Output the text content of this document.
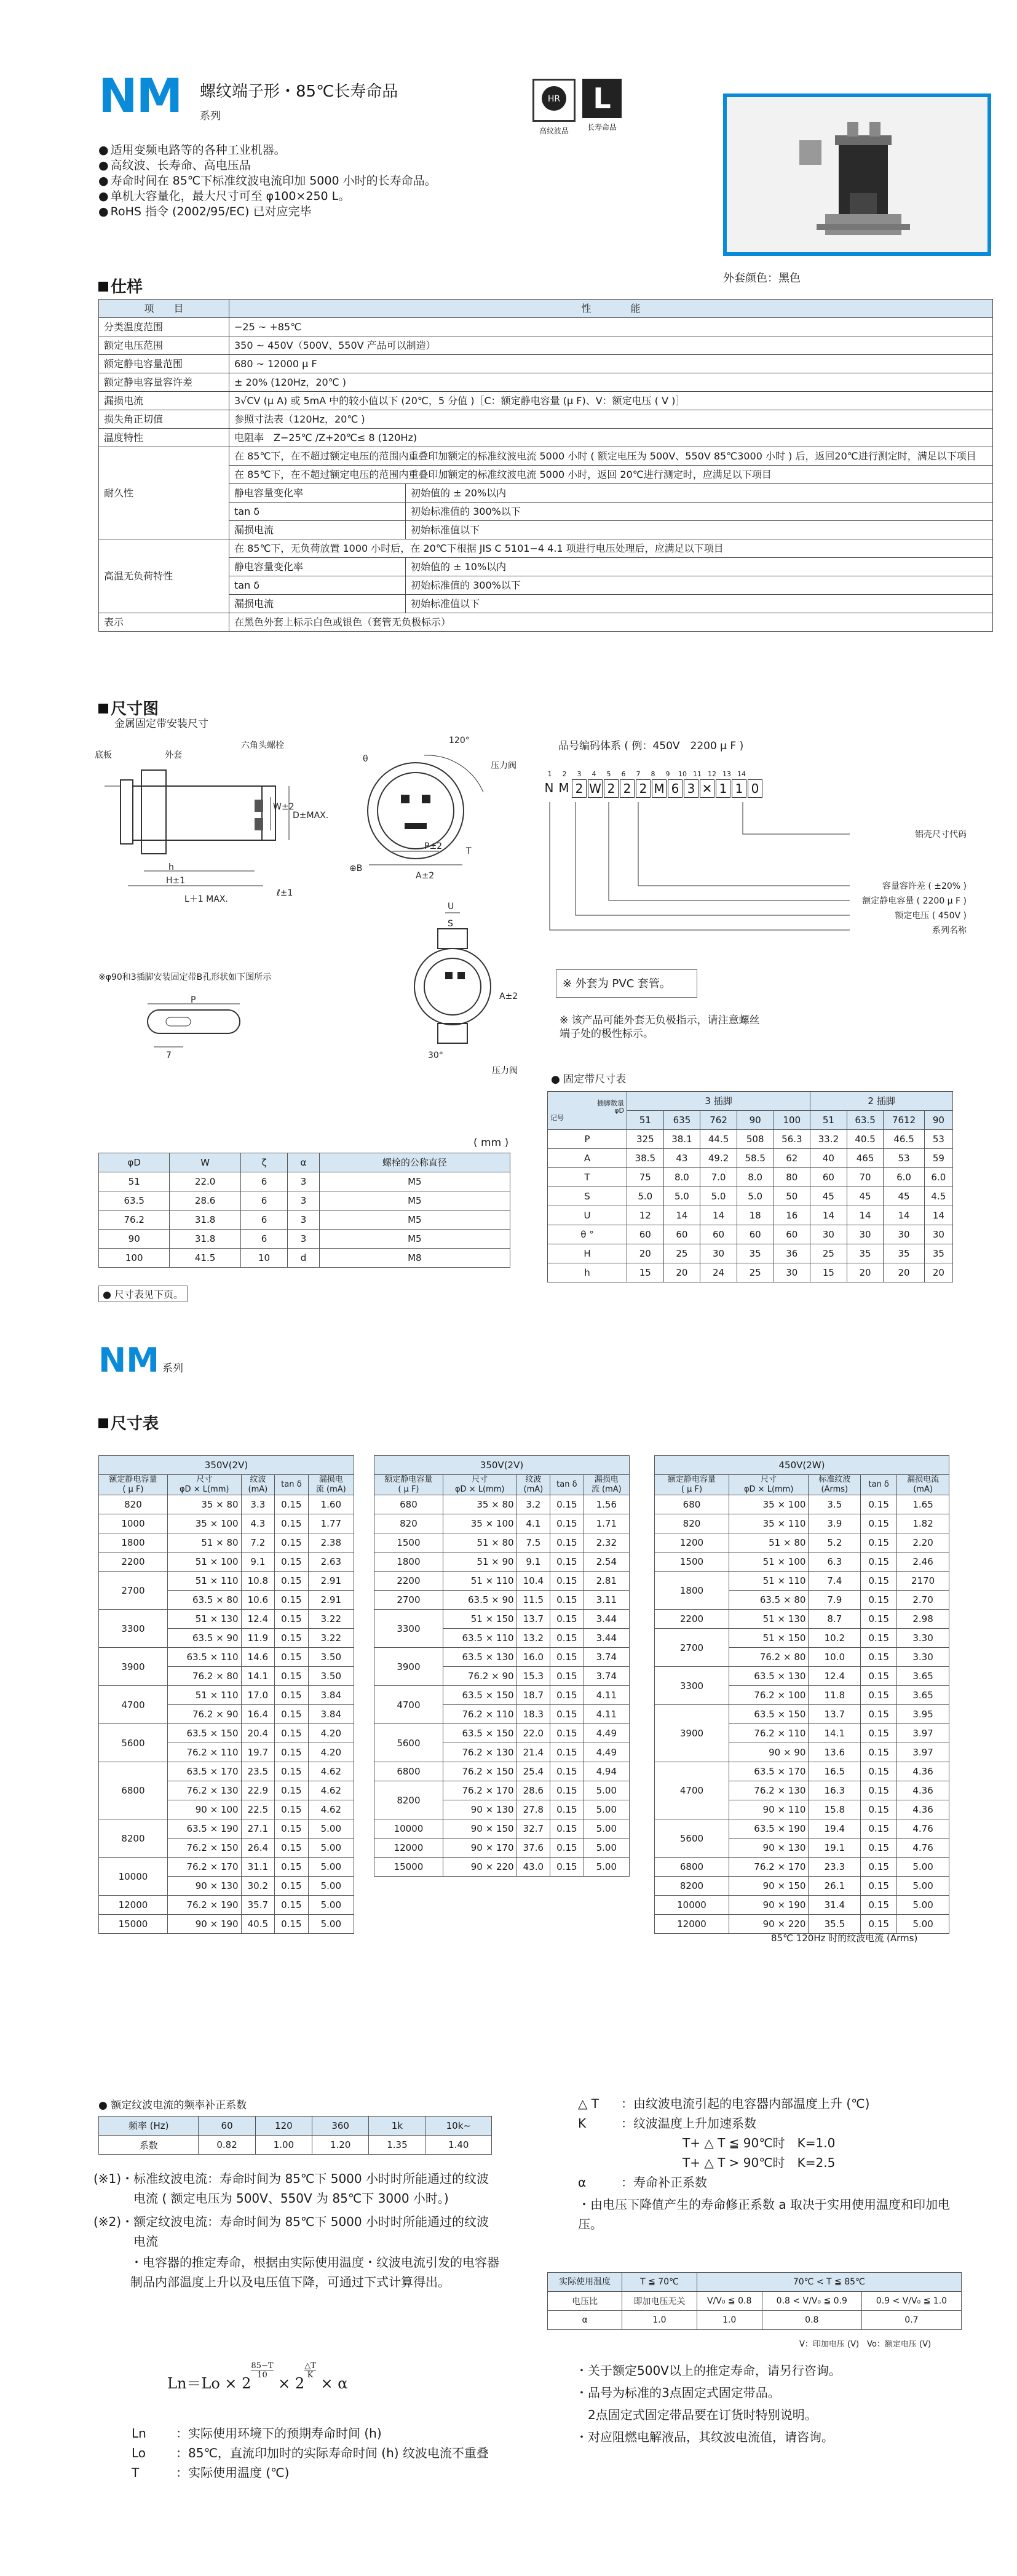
NM 螺纹端子形・85℃长寿命品
系列
HR
高纹波品
L
长寿命品
● 适用变频电路等的各种工业机器。
● 高纹波、长寿命、高电压品
● 寿命时间在 85℃下标准纹波电流印加 5000 小时的长寿命品。
● 单机大容量化，最大尺寸可至 φ100×250 L。
● RoHS 指令 (2002/95/EC) 已对应完毕
外套颜色：黑色
仕样
项　　目	性　　　　能	
分类温度范围	−25 ~ +85℃	
额定电压范围	350 ~ 450V（500V、550V 产品可以制造）	
额定静电容量范围	680 ~ 12000 μ F	
额定静电容量容许差	± 20% (120Hz，20℃ )	
漏损电流	3√CV (μ A) 或 5mA 中的较小值以下 (20℃，5 分值 )［C：额定静电容量 (μ F)、V：额定电压 ( V )］	
损失角正切值	参照寸法表（120Hz，20℃ )	
温度特性	电阻率　Z−25℃ /Z+20℃≤ 8 (120Hz)	
耐久性	在 85℃下，在不超过额定电压的范围内重叠印加额定的标准纹波电流 5000 小时 ( 额定电压为 500V、550V 85℃3000 小时 ) 后，返回20℃进行测定时，满足以下项目	
	在 85℃下，在不超过额定电压的范围内重叠印加额定的标准纹波电流 5000 小时，返回 20℃进行测定时，应满足以下项目	
	静电容量变化率	初始值的 ± 20%以内
	tan δ	初始标准值的 300%以下
	漏损电流	初始标准值以下
高温无负荷特性	在 85℃下，无负荷放置 1000 小时后，在 20℃下根据 JIS C 5101−4 4.1 项进行电压处理后，应满足以下项目	
	静电容量变化率	初始值的 ± 10%以内
	tan δ	初始标准值的 300%以下
	漏损电流	初始标准值以下
表示	在黑色外套上标示白色或银色（套管无负极标示）	
尺寸图
金属固定带安装尺寸
底板	外套
六角头螺栓
h
H±1
L＋1 MAX.
D±MAX.
W±2
ℓ±1
θ
120°
P±2
A±2
⊕B
T
压力阀
U
S
A±2
30°
压力阀
※φ90和3插脚安装固定带B孔形状如下图所示
P
7
品号编码体系 ( 例：450V　2200 μ F )
1	2	3	4	5	6	7	8	9	10 11 12 13 14
N M 2 W 2 2 2 M 6 3 ✕ 1 1 0
铝壳尺寸代码
容量容许差 ( ±20% )
额定静电容量 ( 2200 μ F )
额定电压 ( 450V )
系列名称
※ 外套为 PVC 套管。
※ 该产品可能外套无负极指示，请注意螺丝端子处的极性标示。
( mm )
φD	W	ζ	α	螺栓的公称直径
51	22.0	6	3	M5
63.5	28.6	6	3	M5
76.2	31.8	6	3	M5
90	31.8	6	3	M5
100	41.5	10	d	M8
● 固定带尺寸表
插脚数量
φD
记号	3 插脚					2 插脚			
	51	635	762	90	100	51	63.5	7612	90
P	325	38.1	44.5	508	56.3	33.2	40.5	46.5	53
A	38.5	43	49.2	58.5	62	40	465	53	59
T	75	8.0	7.0	8.0	80	60	70	6.0	6.0
S	5.0	5.0	5.0	5.0	50	45	45	45	4.5
U	12	14	14	18	16	14	14	14	14
θ °	60	60	60	60	60	30	30	30	30
H	20	25	30	35	36	25	35	35	35
h	15	20	24	25	30	15	20	20	20
● 尺寸表见下页。
NM 系列
尺寸表
350V(2V)				
额定静电容量
( μ F)	尺寸
φD × L(mm)	纹波
(mA)	tan δ	漏损电
流 (mA)
820	35 × 80	3.3	0.15	1.60
1000	35 × 100	4.3	0.15	1.77
1800	51 × 80	7.2	0.15	2.38
2200	51 × 100	9.1	0.15	2.63
2700	51 × 110	10.8	0.15	2.91
	63.5 × 80	10.6	0.15	2.91
3300	51 × 130	12.4	0.15	3.22
	63.5 × 90	11.9	0.15	3.22
3900	63.5 × 110	14.6	0.15	3.50
	76.2 × 80	14.1	0.15	3.50
4700	51 × 110	17.0	0.15	3.84
	76.2 × 90	16.4	0.15	3.84
5600	63.5 × 150	20.4	0.15	4.20
	76.2 × 110	19.7	0.15	4.20
6800	63.5 × 170	23.5	0.15	4.62
	76.2 × 130	22.9	0.15	4.62
	90 × 100	22.5	0.15	4.62
8200	63.5 × 190	27.1	0.15	5.00
	76.2 × 150	26.4	0.15	5.00
10000	76.2 × 170	31.1	0.15	5.00
	90 × 130	30.2	0.15	5.00
12000	76.2 × 190	35.7	0.15	5.00
15000	90 × 190	40.5	0.15	5.00
350V(2V)				
额定静电容量
( μ F)	尺寸
φD × L(mm)	纹波
(mA)	tan δ	漏损电
流 (mA)
680	35 × 80	3.2	0.15	1.56
820	35 × 100	4.1	0.15	1.71
1500	51 × 80	7.5	0.15	2.32
1800	51 × 90	9.1	0.15	2.54
2200	51 × 110	10.4	0.15	2.81
2700	63.5 × 90	11.5	0.15	3.11
3300	51 × 150	13.7	0.15	3.44
	63.5 × 110	13.2	0.15	3.44
3900	63.5 × 130	16.0	0.15	3.74
	76.2 × 90	15.3	0.15	3.74
4700	63.5 × 150	18.7	0.15	4.11
	76.2 × 110	18.3	0.15	4.11
5600	63.5 × 150	22.0	0.15	4.49
	76.2 × 130	21.4	0.15	4.49
6800	76.2 × 150	25.4	0.15	4.94
8200	76.2 × 170	28.6	0.15	5.00
	90 × 130	27.8	0.15	5.00
10000	90 × 150	32.7	0.15	5.00
12000	90 × 170	37.6	0.15	5.00
15000	90 × 220	43.0	0.15	5.00
450V(2W)				
额定静电容量
( μ F)	尺寸
φD × L(mm)	标准纹波
(Arms)	tan δ	漏损电流
(mA)
680	35 × 100	3.5	0.15	1.65
820	35 × 110	3.9	0.15	1.82
1200	51 × 80	5.2	0.15	2.20
1500	51 × 100	6.3	0.15	2.46
1800	51 × 110	7.4	0.15	2170
	63.5 × 80	7.9	0.15	2.70
2200	51 × 130	8.7	0.15	2.98
2700	51 × 150	10.2	0.15	3.30
	76.2 × 80	10.0	0.15	3.30
3300	63.5 × 130	12.4	0.15	3.65
	76.2 × 100	11.8	0.15	3.65
3900	63.5 × 150	13.7	0.15	3.95
	76.2 × 110	14.1	0.15	3.97
	90 × 90	13.6	0.15	3.97
4700	63.5 × 170	16.5	0.15	4.36
	76.2 × 130	16.3	0.15	4.36
	90 × 110	15.8	0.15	4.36
5600	63.5 × 190	19.4	0.15	4.76
	90 × 130	19.1	0.15	4.76
6800	76.2 × 170	23.3	0.15	5.00
8200	90 × 150	26.1	0.15	5.00
10000	90 × 190	31.4	0.15	5.00
12000	90 × 220	35.5	0.15	5.00
85℃ 120Hz 时的纹波电流 (Arms)
● 额定纹波电流的频率补正系数
频率 (Hz)	60	120	360	1k	10k~
系数	0.82	1.00	1.20	1.35	1.40
(※1)・ 标准纹波电流：寿命时间为 85℃下 5000 小时时所能通过的纹波电流 ( 额定电压为 500V、550V 为 85℃下 3000 小时。)
(※2)・ 额定纹波电流：寿命时间为 85℃下 5000 小时时所能通过的纹波电流
・电容器的推定寿命，根据由实际使用温度・纹波电流引发的电容器制品内部温度上升以及电压值下降，可通过下式计算得出。
Ln＝Lo × 2
$^{\frac{85-T}{10}}$
× 2
$^{\frac{\triangle T}{K}}$
× α
Ln	：实际使用环境下的预期寿命时间 (h)
Lo	：85℃，直流印加时的实际寿命时间 (h) 纹波电流不重叠
T	：实际使用温度 (℃)
△ T	：由纹波电流引起的电容器内部温度上升 (℃)
K	：纹波温度上升加速系数
T+ △ T ≦ 90℃时　K=1.0
T+ △ T > 90℃时　K=2.5
α	：寿命补正系数
・由电压下降值产生的寿命修正系数 a 取决于实用使用温度和印加电压。
实际使用温度	T ≦ 70℃	70℃ < T ≦ 85℃		
电压比	即加电压无关	V/V₀ ≦ 0.8	0.8 < V/V₀ ≦ 0.9	0.9 < V/V₀ ≦ 1.0
α	1.0	1.0	0.8	0.7
V：印加电压 (V)　Vo：额定电压 (V)
・关于额定500V以上的推定寿命，请另行咨询。
・品号为标准的3点固定式固定带品。
　2点固定式固定带品要在订货时特别说明。
・对应阻燃电解液品，其纹波电流值，请咨询。
